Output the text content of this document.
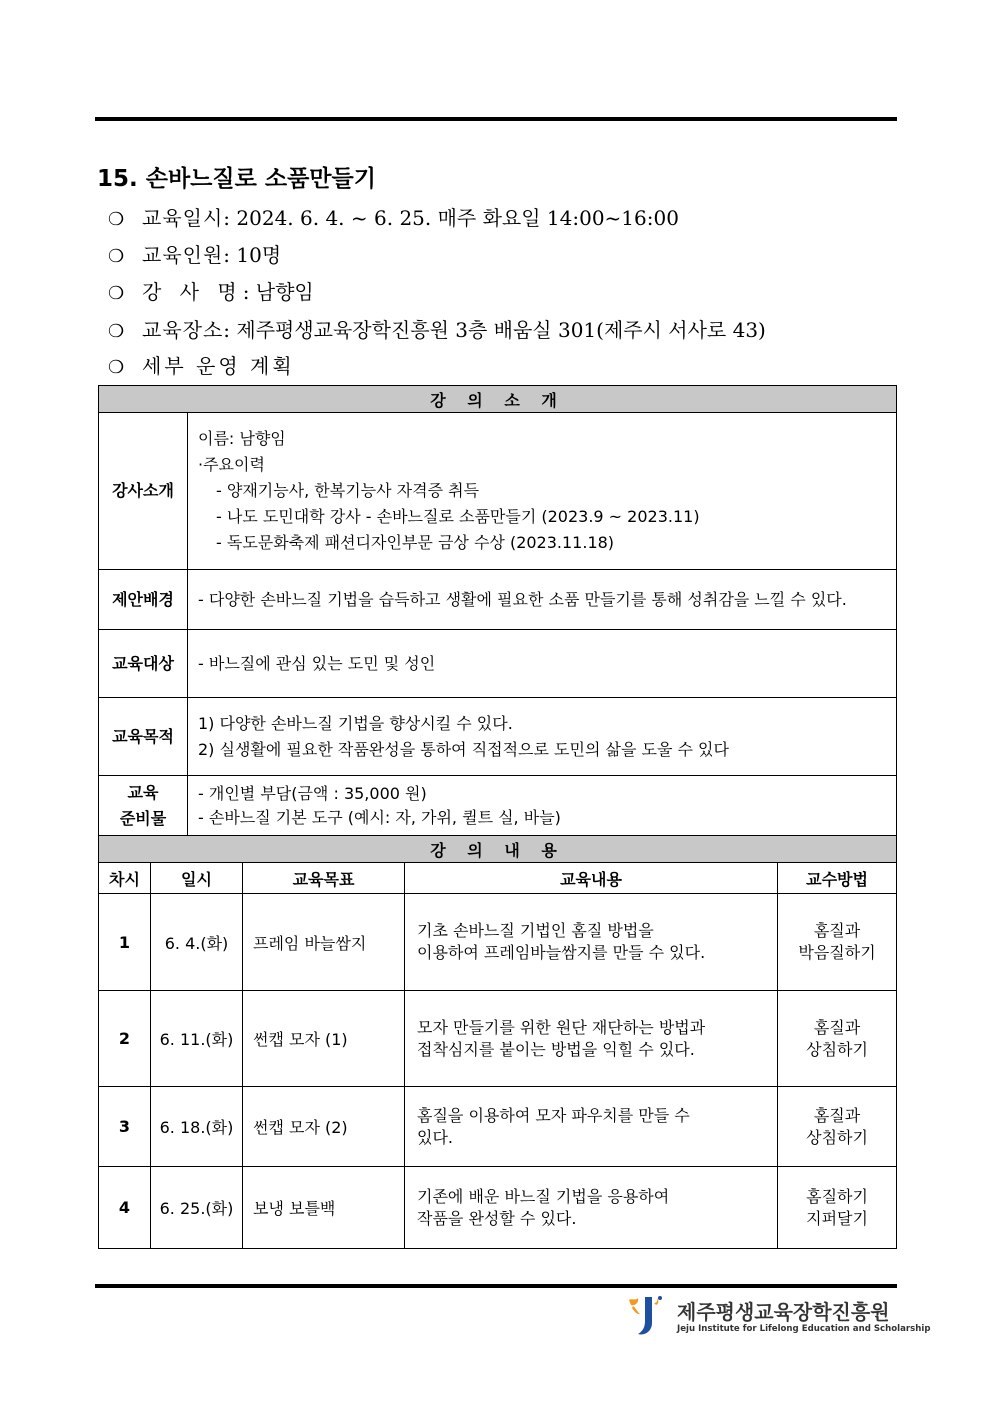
15. 손바느질로 소품만들기
❍ 교육일시: 2024. 6. 4. ~ 6. 25. 매주 화요일 14:00~16:00
❍ 교육인원: 10명
❍ 강 사 명: 남향임
❍ 교육장소: 제주평생교육장학진흥원 3층 배움실 301(제주시 서사로 43)
❍ 세부 운영 계획
강 의 소 개					
강사소개		이름: 남향임
·주요이력
- 양재기능사, 한복기능사 자격증 취득
- 나도 도민대학 강사 - 손바느질로 소품만들기 (2023.9 ~ 2023.11)
- 독도문화축제 패션디자인부문 금상 수상 (2023.11.18)			

제안배경		- 다양한 손바느질 기법을 습득하고 생활에 필요한 소품 만들기를 통해 성취감을 느낄 수 있다.			

교육대상		- 바느질에 관심 있는 도민 및 성인			
교육목적		1) 다양한 손바느질 기법을 향상시킬 수 있다.
2) 실생활에 필요한 작품완성을 통하여 직접적으로 도민의 삶을 도울 수 있다			

교육
준비물		- 개인별 부담(금액 : 35,000 원)
- 손바느질 기본 도구 (예시: 자, 가위, 퀼트 실, 바늘)			

강 의 내 용					
차시	일시		교육목표	교육내용	교수방법
1	6. 4.(화)		프레임 바늘쌈지	기초 손바느질 기법인 홈질 방법을
이용하여 프레임바늘쌈지를 만들 수 있다.	홈질과
박음질하기

2	6. 11.(화)		썬캡 모자 (1)	모자 만들기를 위한 원단 재단하는 방법과
접착심지를 붙이는 방법을 익힐 수 있다.	홈질과
상침하기

3	6. 18.(화)		썬캡 모자 (2)	홈질을 이용하여 모자 파우치를 만들 수
있다.	홈질과
상침하기

4	6. 25.(화)		보냉 보틀백	기존에 배운 바느질 기법을 응용하여
작품을 완성할 수 있다.	홈질하기
지퍼달기
제주평생교육장학진흥원
Jeju Institute for Lifelong Education and Scholarship
